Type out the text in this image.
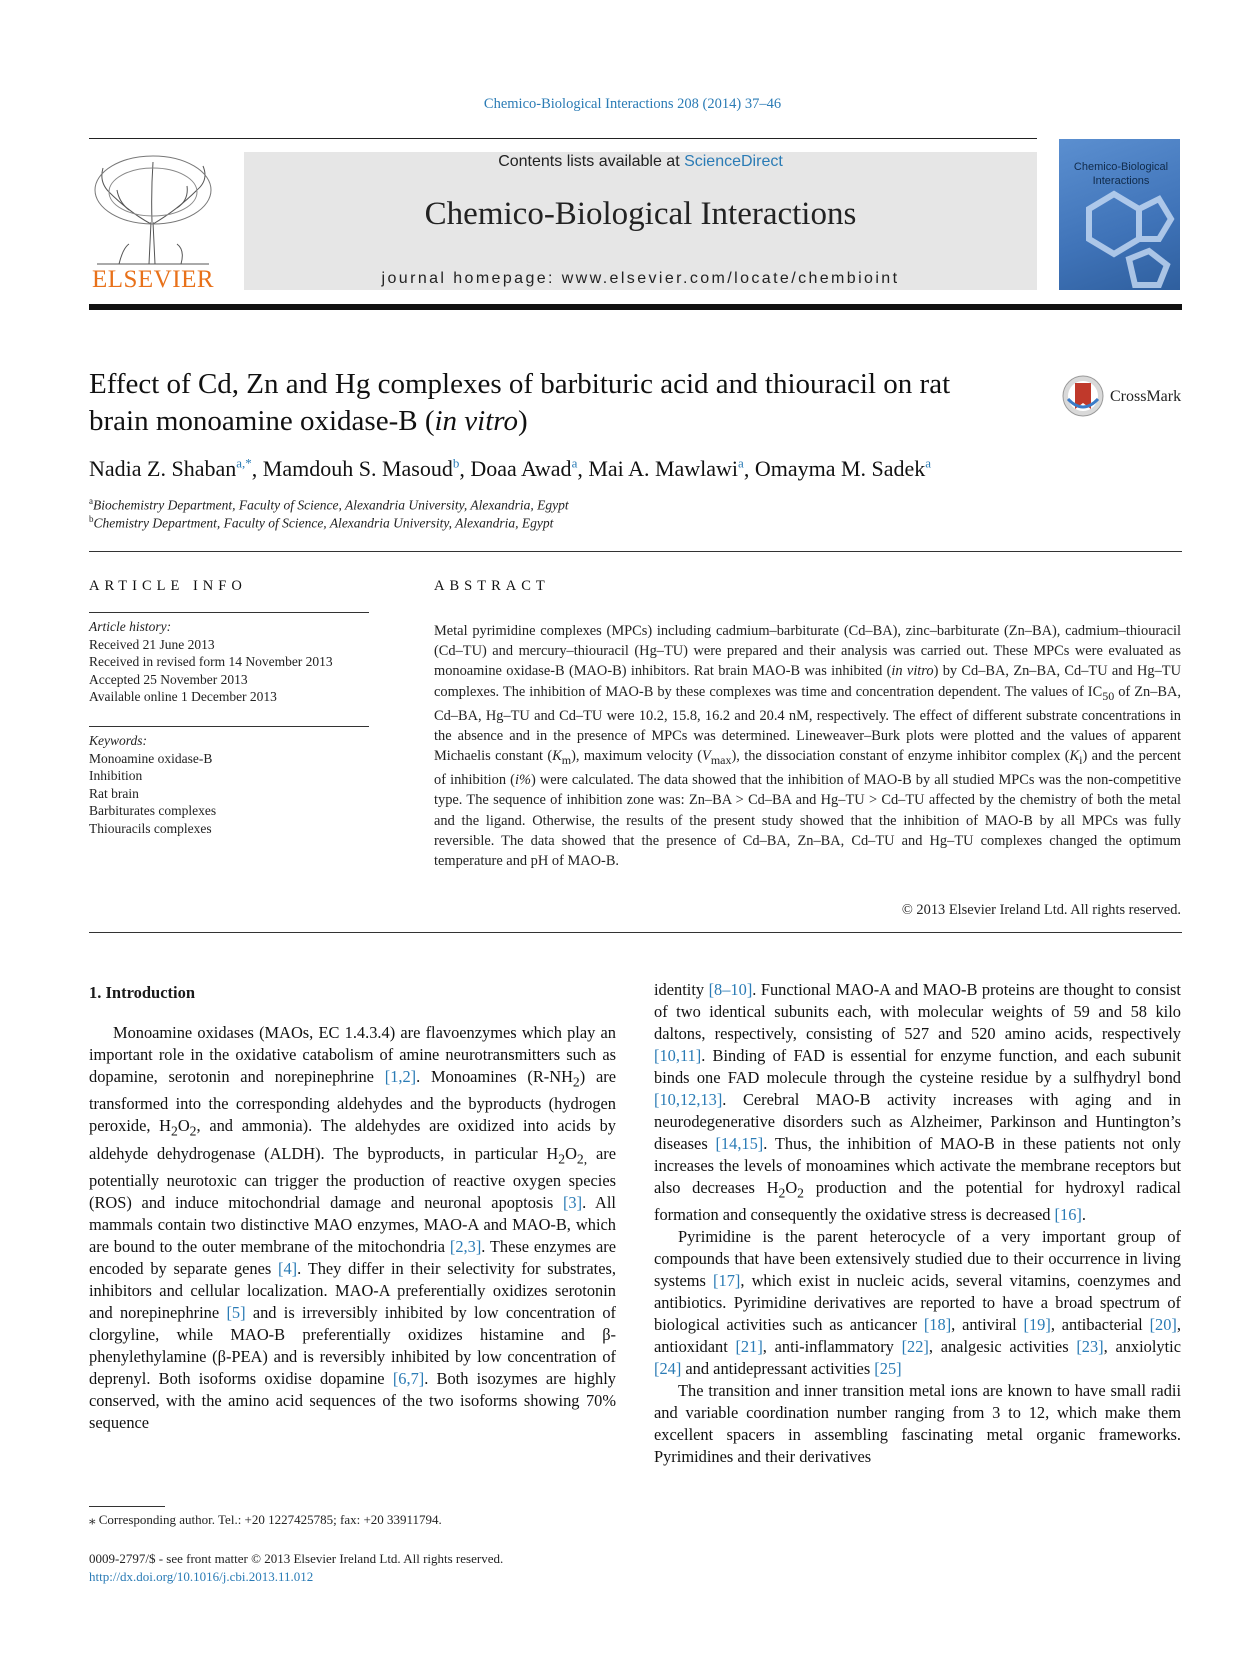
Chemico-Biological Interactions 208 (2014) 37–46
ELSEVIER
Contents lists available at ScienceDirect
Chemico-Biological Interactions
journal homepage: www.elsevier.com/locate/chembioint
Chemico-Biological Interactions
Effect of Cd, Zn and Hg complexes of barbituric acid and thiouracil on rat
brain monoamine oxidase-B (in vitro)
CrossMark
Nadia Z. Shaban$^{a,*}$, Mamdouh S. Masoud$^b$, Doaa Awad$^a$, Mai A. Mawlawi$^a$, Omayma M. Sadek$^a$
$^a$Biochemistry Department, Faculty of Science, Alexandria University, Alexandria, Egypt
$^b$Chemistry Department, Faculty of Science, Alexandria University, Alexandria, Egypt
ARTICLE INFO
Article history:
Received 21 June 2013
Received in revised form 14 November 2013
Accepted 25 November 2013
Available online 1 December 2013
Keywords:
Monoamine oxidase-B
Inhibition
Rat brain
Barbiturates complexes
Thiouracils complexes
ABSTRACT
Metal pyrimidine complexes (MPCs) including cadmium–barbiturate (Cd–BA), zinc–barbiturate (Zn–BA), cadmium–thiouracil (Cd–TU) and mercury–thiouracil (Hg–TU) were prepared and their analysis was carried out. These MPCs were evaluated as monoamine oxidase-B (MAO-B) inhibitors. Rat brain MAO-B was inhibited (in vitro) by Cd–BA, Zn–BA, Cd–TU and Hg–TU complexes. The inhibition of MAO-B by these complexes was time and concentration dependent. The values of $IC_{50}$ of Zn–BA, Cd–BA, Hg–TU and Cd–TU were 10.2, 15.8, 16.2 and 20.4 nM, respectively. The effect of different substrate concentrations in the absence and in the presence of MPCs was determined. Lineweaver–Burk plots were plotted and the values of apparent Michaelis constant $(K_m)$, maximum velocity $(V_{max})$, the dissociation constant of enzyme inhibitor complex $(K_i)$ and the percent of inhibition (i%) were calculated. The data showed that the inhibition of MAO-B by all studied MPCs was the non-competitive type. The sequence of inhibition zone was: Zn–BA > Cd–BA and Hg–TU > Cd–TU affected by the chemistry of both the metal and the ligand. Otherwise, the results of the present study showed that the inhibition of MAO-B by all MPCs was fully reversible. The data showed that the presence of Cd–BA, Zn–BA, Cd–TU and Hg–TU complexes changed the optimum temperature and pH of MAO-B.
© 2013 Elsevier Ireland Ltd. All rights reserved.
1. Introduction

Monoamine oxidases (MAOs, EC 1.4.3.4) are flavoenzymes which play an important role in the oxidative catabolism of amine neurotransmitters such as dopamine, serotonin and norepinephrine [1,2]. Monoamines $(R-NH_2)$ are transformed into the corresponding aldehydes and the byproducts (hydrogen peroxide, $H_2O_2$, and ammonia). The aldehydes are oxidized into acids by aldehyde dehydrogenase (ALDH). The byproducts, in particular $H_2O_{2,}$ are potentially neurotoxic can trigger the production of reactive oxygen species (ROS) and induce mitochondrial damage and neuronal apoptosis [3]. All mammals contain two distinctive MAO enzymes, MAO-A and MAO-B, which are bound to the outer membrane of the mitochondria [2,3]. These enzymes are encoded by separate genes [4]. They differ in their selectivity for substrates, inhibitors and cellular localization. MAO-A preferentially oxidizes serotonin and norepinephrine [5] and is irreversibly inhibited by low concentration of clorgyline, while MAO-B preferentially oxidizes histamine and β-phenylethylamine (β-PEA) and is reversibly inhibited by low concentration of deprenyl. Both isoforms oxidise dopamine [6,7]. Both isozymes are highly conserved, with the amino acid sequences of the two isoforms showing 70% sequence

identity [8–10]. Functional MAO-A and MAO-B proteins are thought to consist of two identical subunits each, with molecular weights of 59 and 58 kilo daltons, respectively, consisting of 527 and 520 amino acids, respectively [10,11]. Binding of FAD is essential for enzyme function, and each subunit binds one FAD molecule through the cysteine residue by a sulfhydryl bond [10,12,13]. Cerebral MAO-B activity increases with aging and in neurodegenerative disorders such as Alzheimer, Parkinson and Huntington’s diseases [14,15]. Thus, the inhibition of MAO-B in these patients not only increases the levels of monoamines which activate the membrane receptors but also decreases $H_2O_2$ production and the potential for hydroxyl radical formation and consequently the oxidative stress is decreased [16].

Pyrimidine is the parent heterocycle of a very important group of compounds that have been extensively studied due to their occurrence in living systems [17], which exist in nucleic acids, several vitamins, coenzymes and antibiotics. Pyrimidine derivatives are reported to have a broad spectrum of biological activities such as anticancer [18], antiviral [19], antibacterial [20], antioxidant [21], anti-inflammatory [22], analgesic activities [23], anxiolytic [24] and antidepressant activities [25]

The transition and inner transition metal ions are known to have small radii and variable coordination number ranging from 3 to 12, which make them excellent spacers in assembling fascinating metal organic frameworks. Pyrimidines and their derivatives

⁎ Corresponding author. Tel.: +20 1227425785; fax: +20 33911794.
0009-2797/$ - see front matter © 2013 Elsevier Ireland Ltd. All rights reserved.
http://dx.doi.org/10.1016/j.cbi.2013.11.012
